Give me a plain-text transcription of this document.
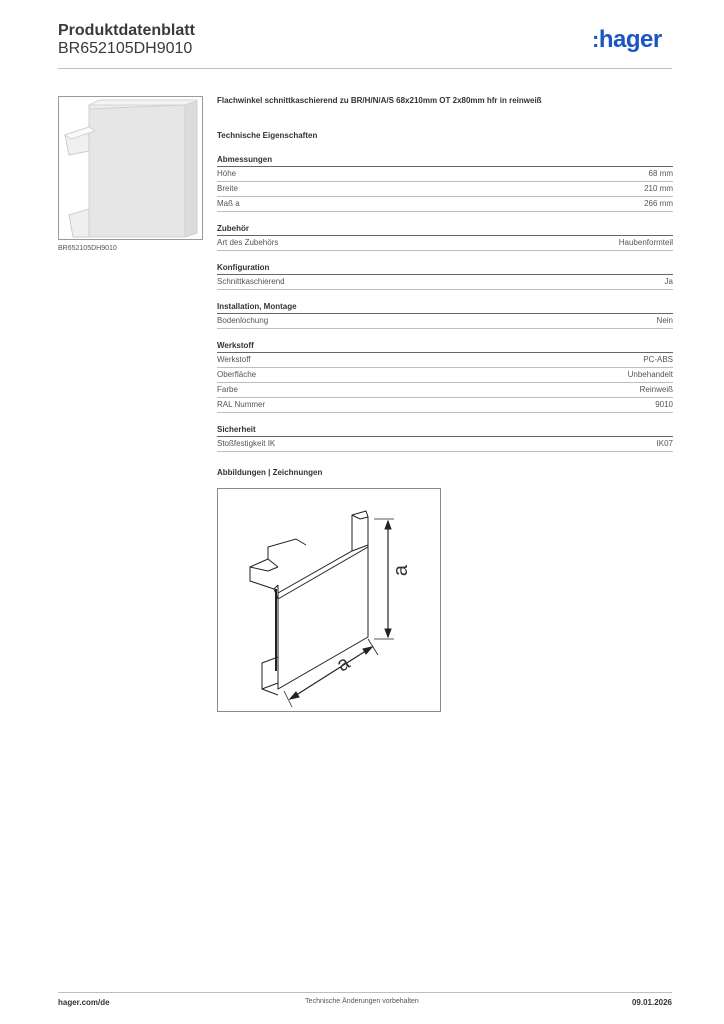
Produktdatenblatt
BR652105DH9010	:hager
BR652105DH9010
Flachwinkel schnittkaschierend zu BR/H/N/A/S 68x210mm OT 2x80mm hfr in reinweiß
Technische Eigenschaften
Abmessungen
Höhe	68 mm
Breite	210 mm
Maß a	266 mm
Zubehör
Art des Zubehörs	Haubenformteil
Konfiguration
Schnittkaschierend	Ja
Installation, Montage
Bodenlochung	Nein
Werkstoff
Werkstoff	PC-ABS
Oberfläche	Unbehandelt
Farbe	Reinweiß
RAL Nummer	9010
Sicherheit
Stoßfestigkeit IK	IK07
Abbildungen | Zeichnungen
a
a
hager.com/de	Technische Änderungen vorbehalten	09.01.2026
